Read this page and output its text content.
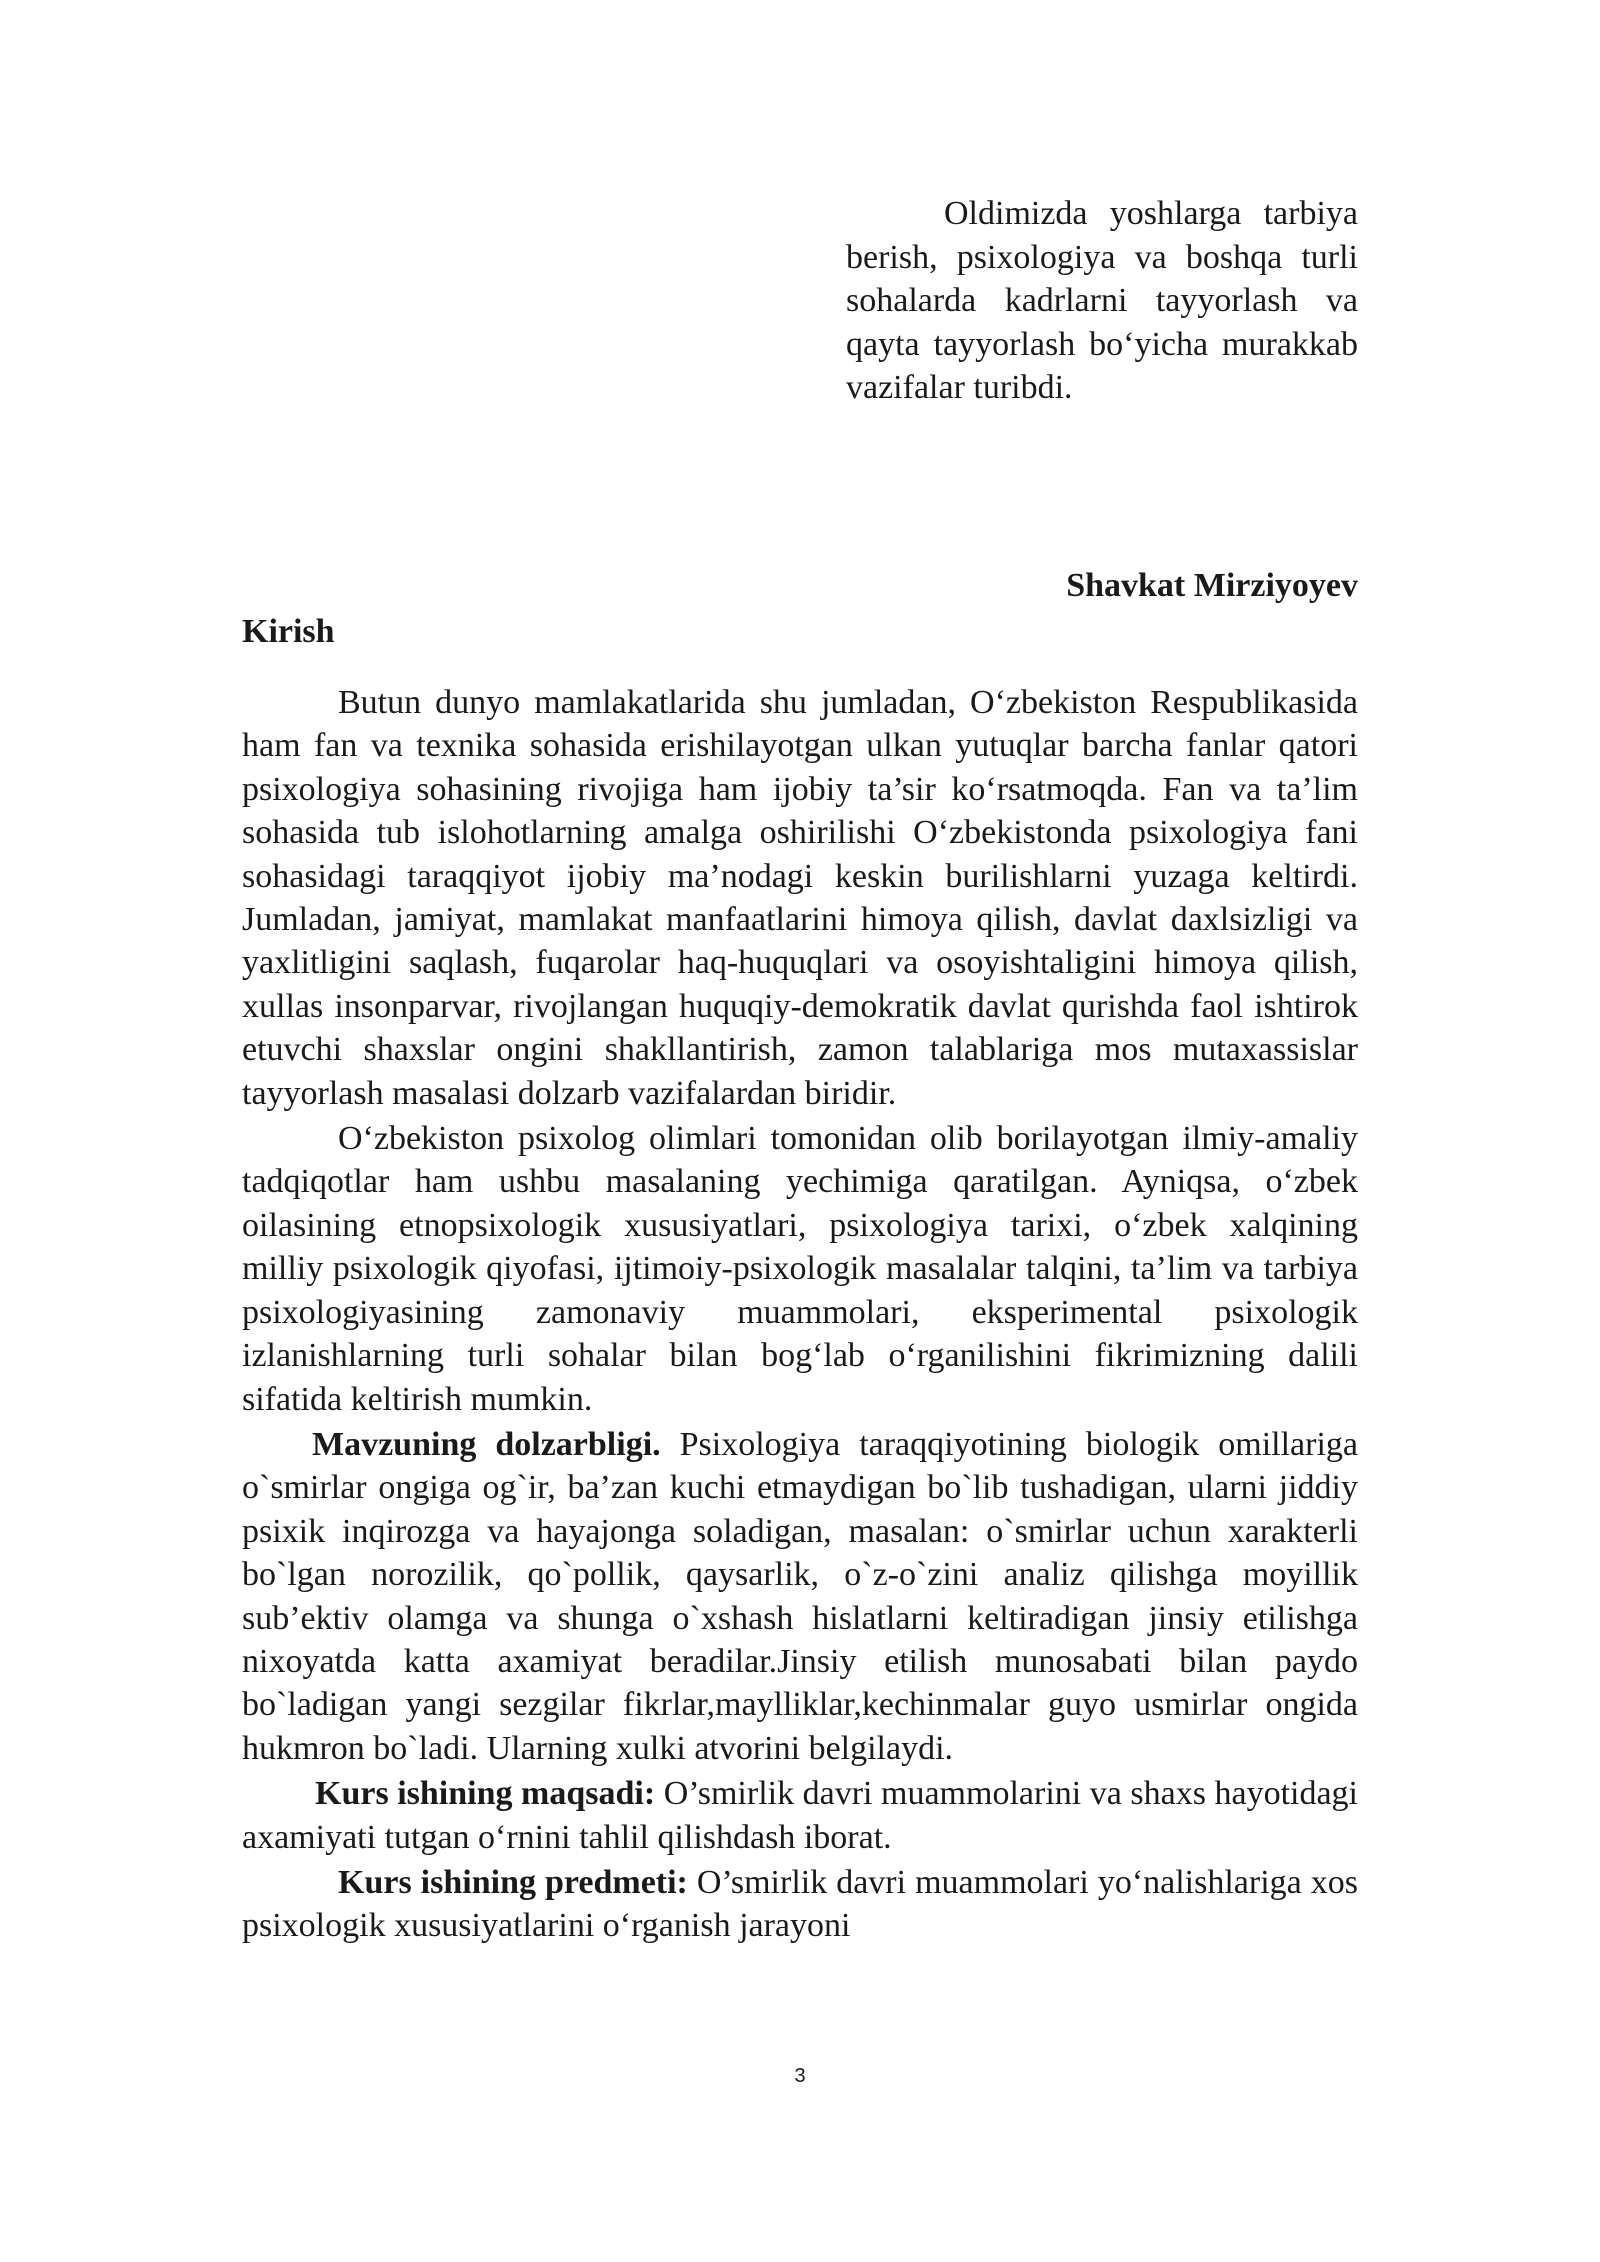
Oldimizda yoshlarga tarbiya berish, psixologiya va boshqa turli sohalarda kadrlarni tayyorlash va qayta tayyorlash boʻyicha murakkab vazifalar turibdi.
Shavkat Mirziyoyev
Kirish

Butun dunyo mamlakatlarida shu jumladan, Oʻzbekiston Respublikasida ham fan va texnika sohasida erishilayotgan ulkan yutuqlar barcha fanlar qatori psixologiya sohasining rivojiga ham ijobiy ta’sir koʻrsatmoqda. Fan va ta’lim sohasida tub islohotlarning amalga oshirilishi Oʻzbekistonda psixologiya fani sohasidagi taraqqiyot ijobiy ma’nodagi keskin burilishlarni yuzaga keltirdi. Jumladan, jamiyat, mamlakat manfaatlarini himoya qilish, davlat daxlsizligi va yaxlitligini saqlash, fuqarolar haq-huquqlari va osoyishtaligini himoya qilish, xullas insonparvar, rivojlangan huquqiy-demokratik davlat qurishda faol ishtirok etuvchi shaxslar ongini shakllantirish, zamon talablariga mos mutaxassislar tayyorlash masalasi dolzarb vazifalardan biridir.

Oʻzbekiston psixolog olimlari tomonidan olib borilayotgan ilmiy-amaliy tadqiqotlar ham ushbu masalaning yechimiga qaratilgan. Ayniqsa, oʻzbek oilasining etnopsixologik xususiyatlari, psixologiya tarixi, oʻzbek xalqining milliy psixologik qiyofasi, ijtimoiy-psixologik masalalar talqini, ta’lim va tarbiya psixologiyasining zamonaviy muammolari, eksperimental psixologik izlanishlarning turli sohalar bilan bogʻlab oʻrganilishini fikrimizning dalili sifatida keltirish mumkin.

Mavzuning dolzarbligi. Psixologiya taraqqiyotining biologik omillariga o`smirlar ongiga og`ir, ba’zan kuchi etmaydigan bo`lib tushadigan, ularni jiddiy psixik inqirozga va hayajonga soladigan, masalan: o`smirlar uchun xarakterli bo`lgan norozilik, qo`pollik, qaysarlik, o`z-o`zini analiz qilishga moyillik sub’ektiv olamga va shunga o`xshash hislatlarni keltiradigan jinsiy etilishga nixoyatda katta axamiyat beradilar.Jinsiy etilish munosabati bilan paydo bo`ladigan yangi sezgilar fikrlar,maylliklar,kechinmalar guyo usmirlar ongida hukmron bo`ladi. Ularning xulki atvorini belgilaydi.

Kurs ishining maqsadi: O’smirlik davri muammolarini va shaxs hayotidagi axamiyati tutgan oʻrnini tahlil qilishdash iborat.

Kurs ishining predmeti: O’smirlik davri muammolari yoʻnalishlariga xos psixologik xususiyatlarini oʻrganish jarayoni

3
